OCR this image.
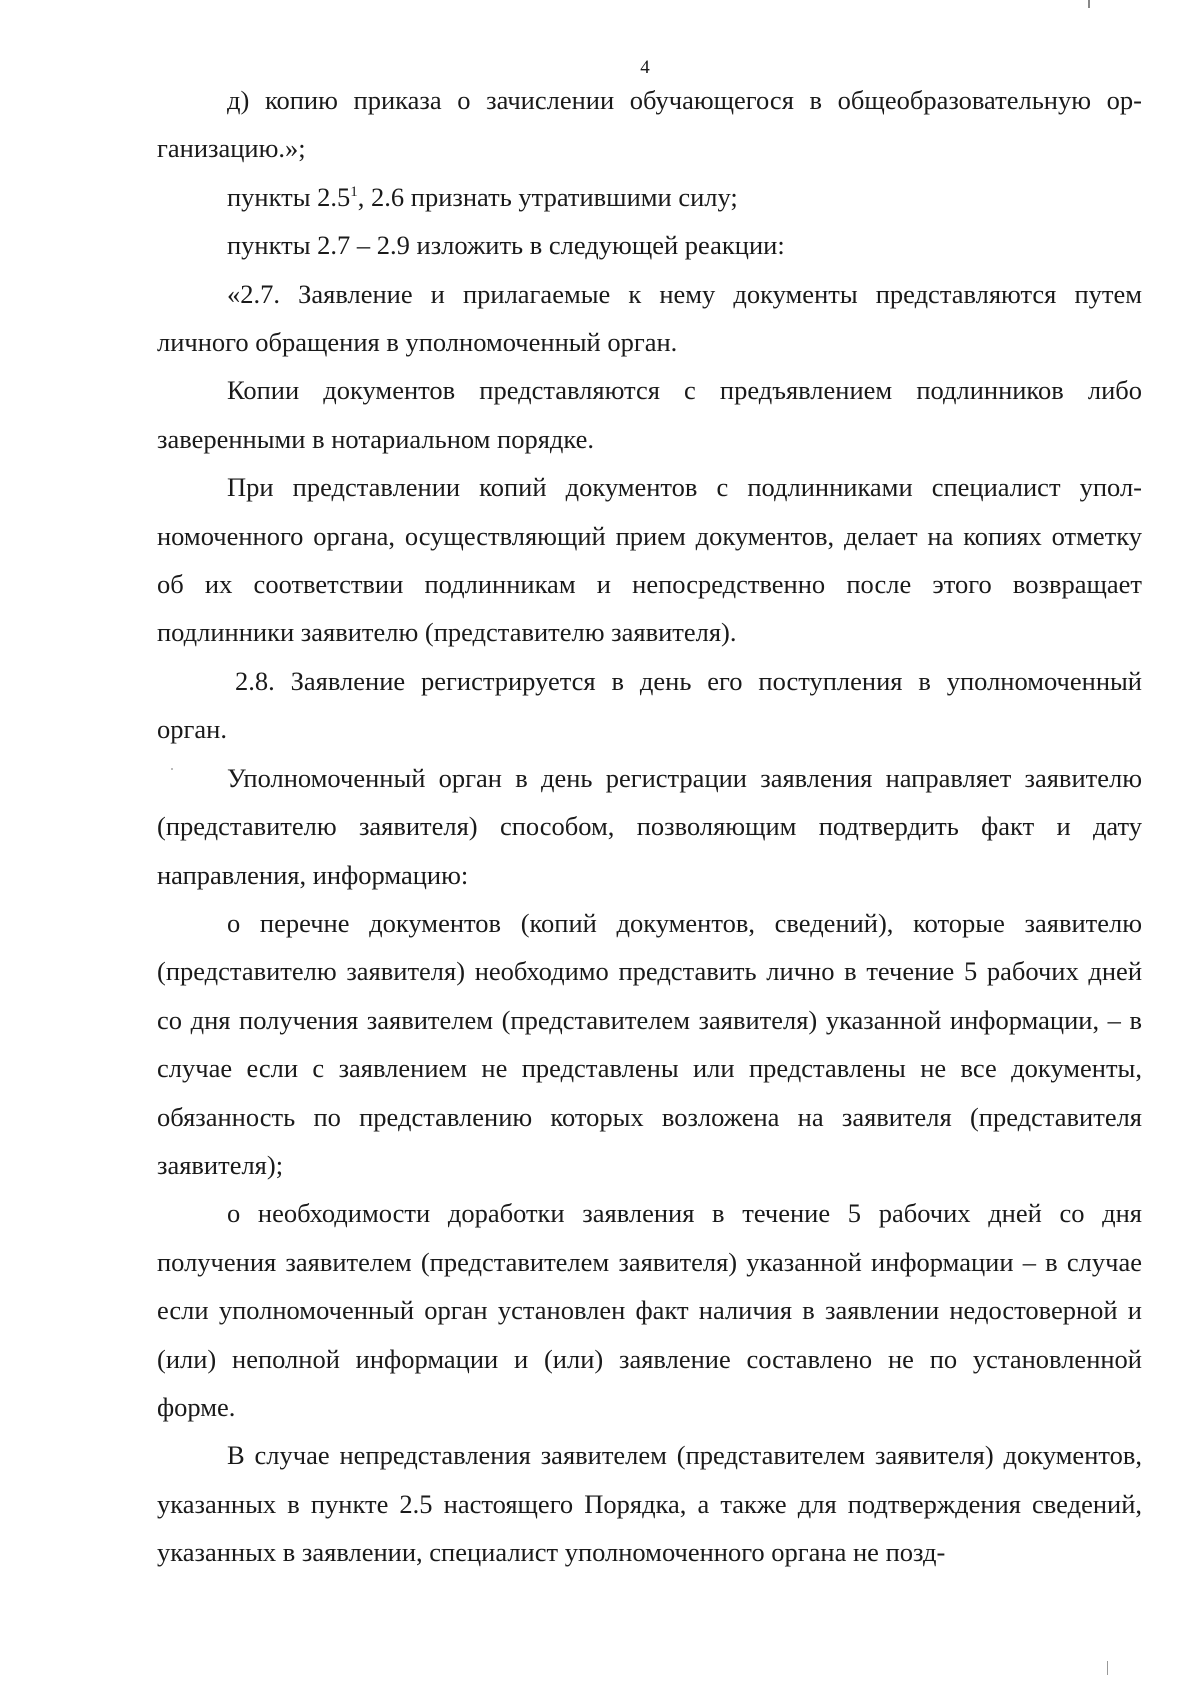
4

д) копию приказа о зачислении обучающегося в общеобразовательную организацию.»;

пункты $2.5^1$, 2.6 признать утратившими силу;

пункты 2.7 – 2.9 изложить в следующей реакции:

«2.7. Заявление и прилагаемые к нему документы представляются путем личного обращения в уполномоченный орган.

Копии документов представляются с предъявлением подлинников либо заверенными в нотариальном порядке.

При представлении копий документов с подлинниками специалист уполномоченного органа, осуществляющий прием документов, делает на копиях отметку об их соответствии подлинникам и непосредственно после этого возвращает подлинники заявителю (представителю заявителя).

2.8. Заявление регистрируется в день его поступления в уполномоченный орган.

Уполномоченный орган в день регистрации заявления направляет заявителю (представителю заявителя) способом, позволяющим подтвердить факт и дату направления, информацию:

о перечне документов (копий документов, сведений), которые заявителю (представителю заявителя) необходимо представить лично в течение 5 рабочих дней со дня получения заявителем (представителем заявителя) указанной информации, – в случае если с заявлением не представлены или представлены не все документы, обязанность по представлению которых возложена на заявителя (представителя заявителя);

о необходимости доработки заявления в течение 5 рабочих дней со дня получения заявителем (представителем заявителя) указанной информации – в случае если уполномоченный орган установлен факт наличия в заявлении недостоверной и (или) неполной информации и (или) заявление составлено не по установленной форме.

В случае непредставления заявителем (представителем заявителя) документов, указанных в пункте 2.5 настоящего Порядка, а также для подтверждения сведений, указанных в заявлении, специалист уполномоченного органа не позд-
